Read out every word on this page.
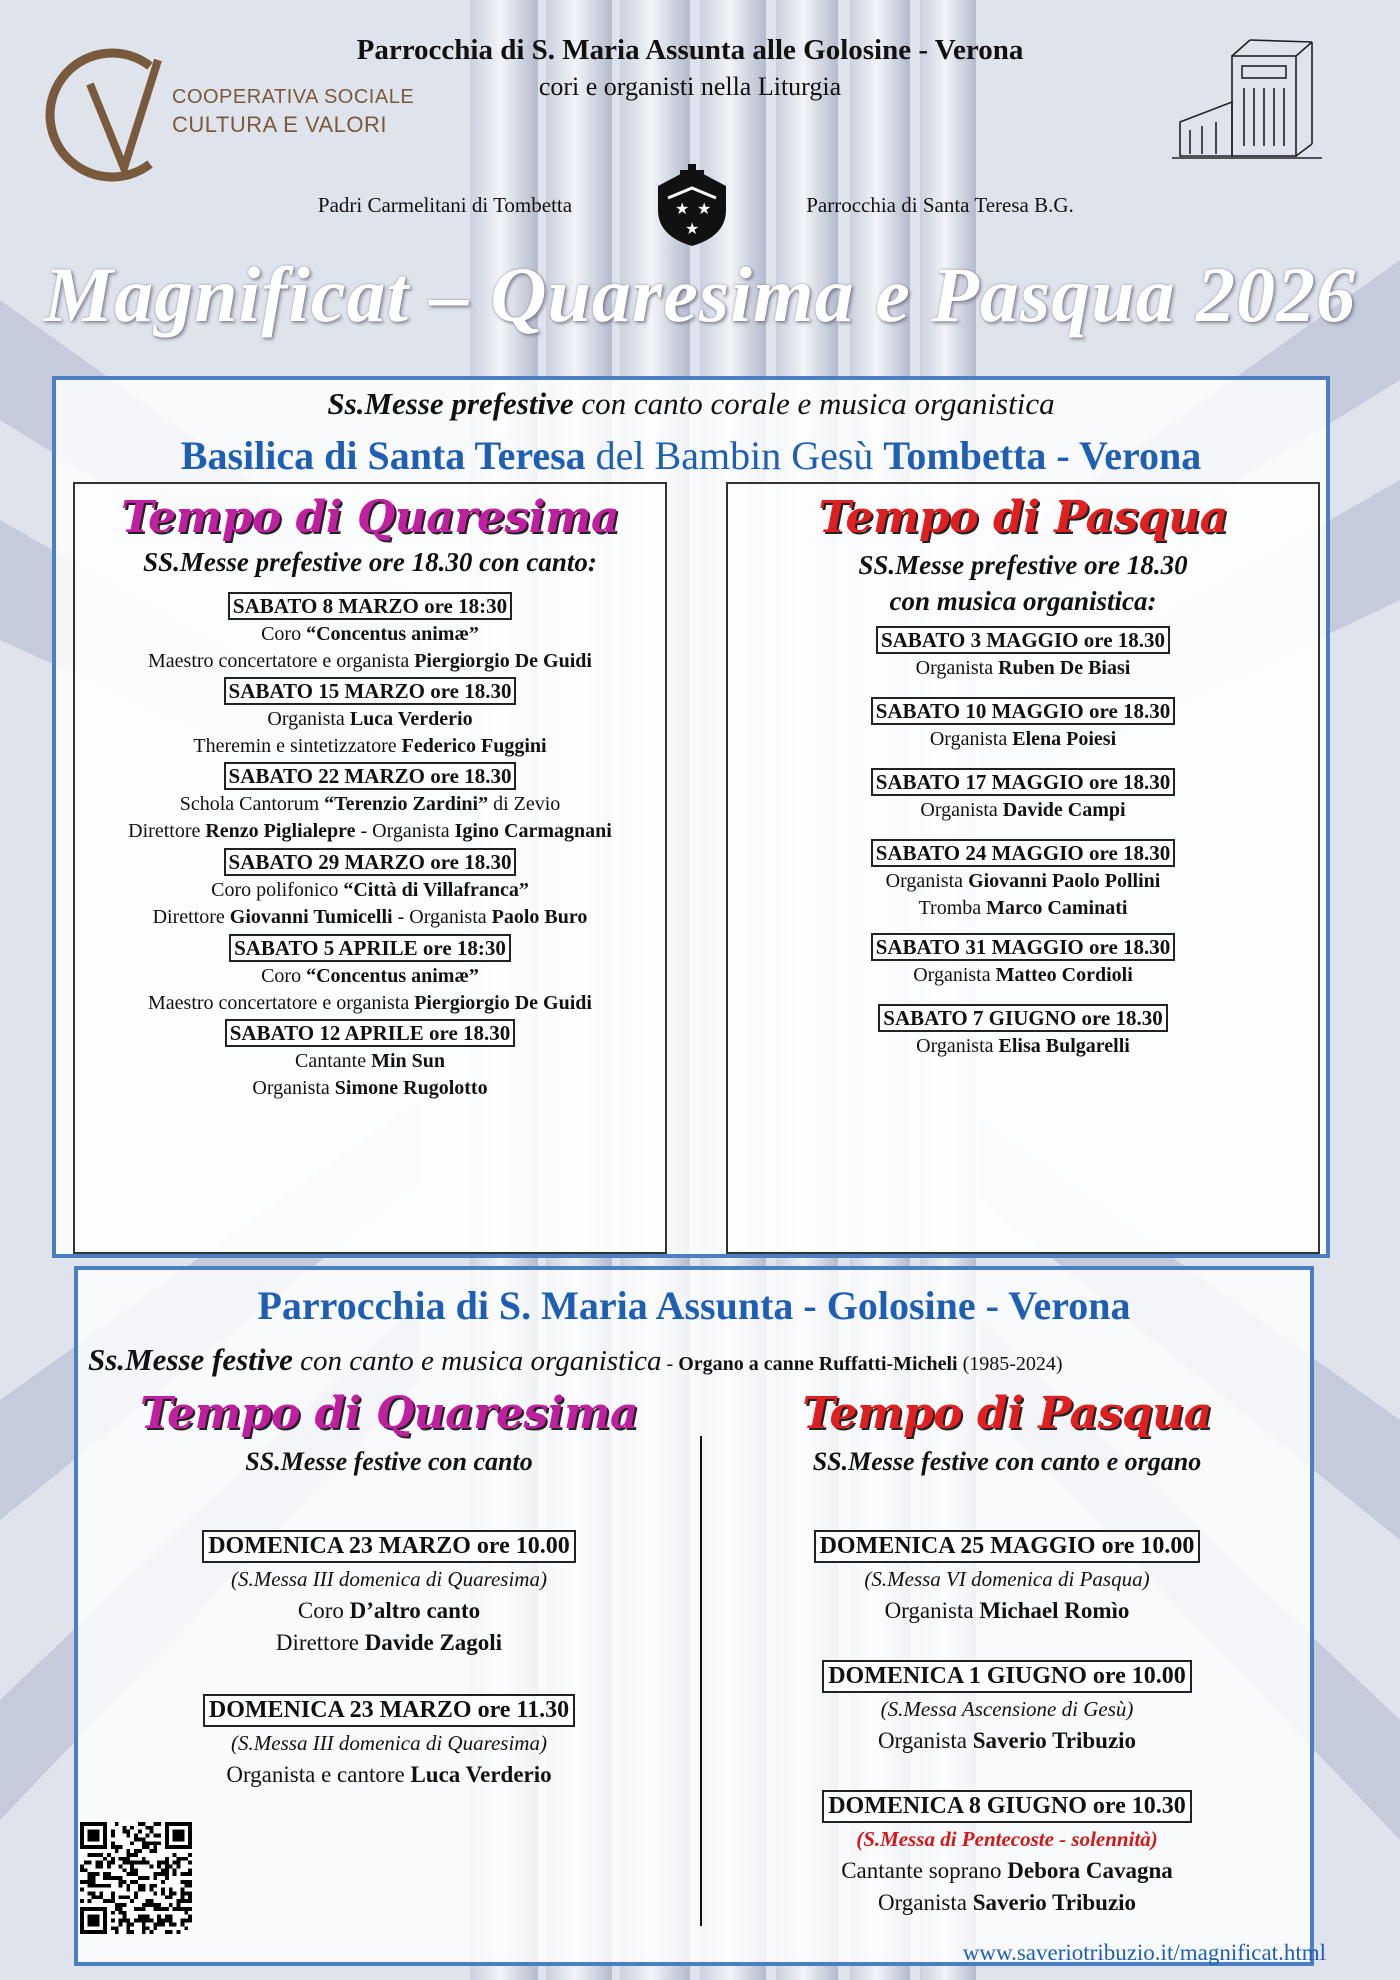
COOPERATIVA SOCIALE
CULTURA E VALORI
Parrocchia di S. Maria Assunta alle Golosine - Verona
cori e organisti nella Liturgia
Padri Carmelitani di Tombetta	Parrocchia di Santa Teresa B.G.
★ ★
★
Magnificat – Quaresima e Pasqua 2026
Ss.Messe prefestive con canto corale e musica organistica
Basilica di Santa Teresa del Bambin Gesù Tombetta - Verona
Tempo di Quaresima
SS.Messe prefestive ore 18.30 con canto:
SABATO 8 MARZO ore 18:30
Coro “Concentus animæ”
Maestro concertatore e organista Piergiorgio De Guidi
SABATO 15 MARZO ore 18.30
Organista Luca Verderio
Theremin e sintetizzatore Federico Fuggini
SABATO 22 MARZO ore 18.30
Schola Cantorum “Terenzio Zardini” di Zevio
Direttore Renzo Piglialepre - Organista Igino Carmagnani
SABATO 29 MARZO ore 18.30
Coro polifonico “Città di Villafranca”
Direttore Giovanni Tumicelli - Organista Paolo Buro
SABATO 5 APRILE ore 18:30
Coro “Concentus animæ”
Maestro concertatore e organista Piergiorgio De Guidi
SABATO 12 APRILE ore 18.30
Cantante Min Sun
Organista Simone Rugolotto
Tempo di Pasqua
SS.Messe prefestive ore 18.30
con musica organistica:
SABATO 3 MAGGIO ore 18.30
Organista Ruben De Biasi
SABATO 10 MAGGIO ore 18.30
Organista Elena Poiesi
SABATO 17 MAGGIO ore 18.30
Organista Davide Campi
SABATO 24 MAGGIO ore 18.30
Organista Giovanni Paolo Pollini
Tromba Marco Caminati
SABATO 31 MAGGIO ore 18.30
Organista Matteo Cordioli
SABATO 7 GIUGNO ore 18.30
Organista Elisa Bulgarelli
Parrocchia di S. Maria Assunta - Golosine - Verona
Ss.Messe festive con canto e musica organistica - Organo a canne Ruffatti-Micheli (1985-2024)
Tempo di Quaresima
SS.Messe festive con canto
Tempo di Pasqua
SS.Messe festive con canto e organo
DOMENICA 23 MARZO ore 10.00
(S.Messa III domenica di Quaresima)
Coro D’altro canto
Direttore Davide Zagoli
DOMENICA 23 MARZO ore 11.30
(S.Messa III domenica di Quaresima)
Organista e cantore Luca Verderio
DOMENICA 25 MAGGIO ore 10.00
(S.Messa VI domenica di Pasqua)
Organista Michael Romìo
DOMENICA 1 GIUGNO ore 10.00
(S.Messa Ascensione di Gesù)
Organista Saverio Tribuzio
DOMENICA 8 GIUGNO ore 10.30
(S.Messa di Pentecoste - solennità)
Cantante soprano Debora Cavagna
Organista Saverio Tribuzio
www.saveriotribuzio.it/magnificat.html
